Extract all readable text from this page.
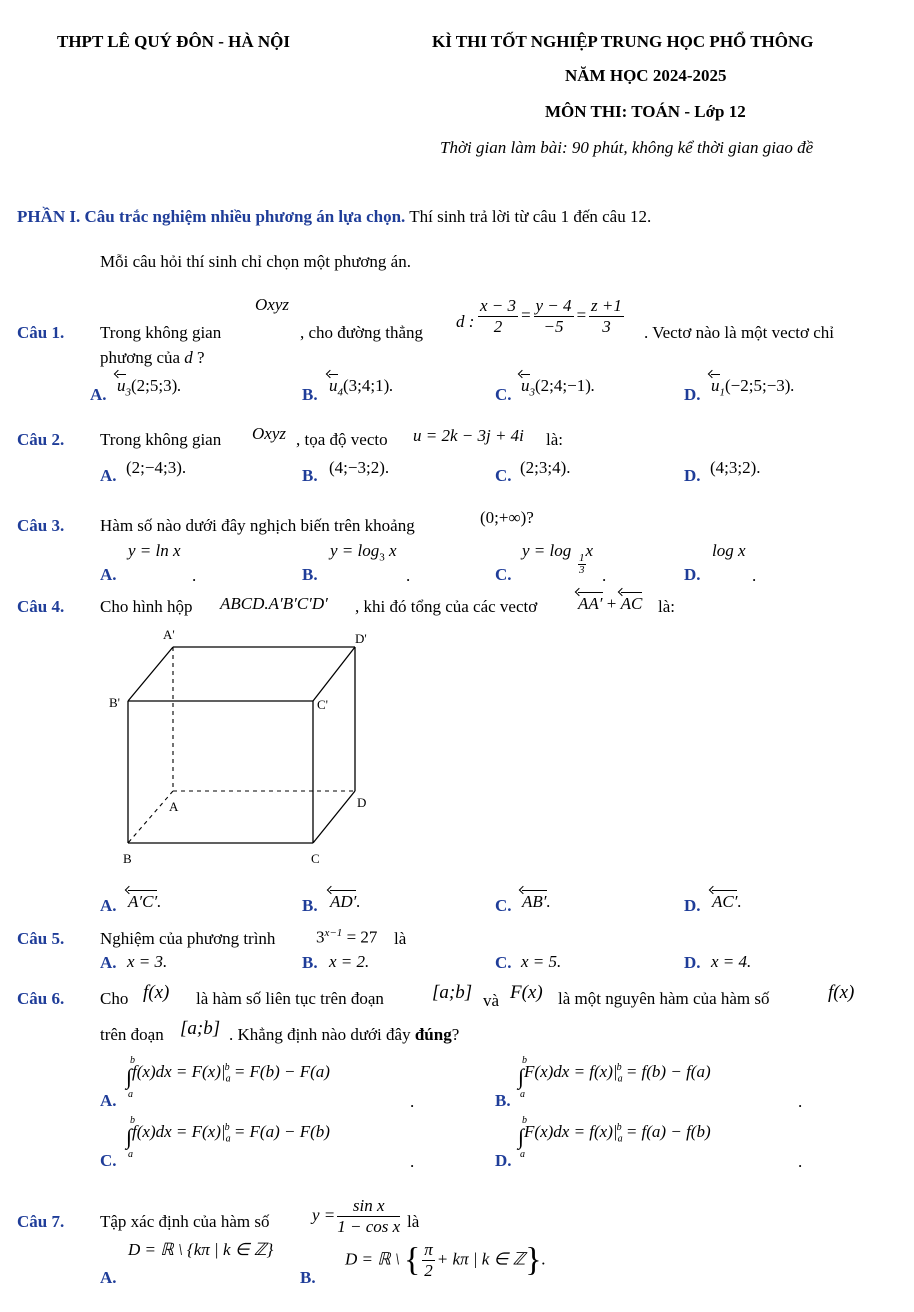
THPT LÊ QUÝ ĐÔN - HÀ NỘI	KÌ THI TỐT NGHIỆP TRUNG HỌC PHỔ THÔNG
NĂM HỌC 2024-2025
MÔN THI: TOÁN - Lớp 12
Thời gian làm bài: 90 phút, không kể thời gian giao đề
PHẦN I. Câu trắc nghiệm nhiều phương án lựa chọn. Thí sinh trả lời từ câu 1 đến câu 12.
Mỗi câu hỏi thí sinh chỉ chọn một phương án.
Câu 1. Trong không gian
Oxyz
, cho đường thẳng
d : $\frac{x - 3}{2} = \frac{y - 4}{-5} = \frac{z +1}{3}$ . Vectơ nào là một vectơ chỉ
phương của d ?
A. $u_3(2;5;3)$.	B. $u_4(3;4;1)$.	C. $u_3(2;4;-1)$.	D. $u_1(-2;5;-3)$.
Câu 2. Trong không gian Oxyz , tọa độ vecto u = 2k − 3j + 4i là:
A. (2;−4;3).	B. (4;−3;2).	C. (2;3;4).	D. (4;3;2).
Câu 3. Hàm số nào dưới đây nghịch biến trên khoảng	(0;+∞)?
y = ln x
A.	.
$y = \log_3 x$
B.	.
y = log x
1
3
C.	.
log x
D.	.
Câu 4. Cho hình hộp ABCD.A′B′C′D′ , khi đó tổng của các vectơ AA′ + AC là:
A'	D'
B'	C'
A	D
B	C
A. A′C′.	B. AD′.	C. AB′.	D. AC′.
Câu 5. Nghiệm của phương trình $3^{x-1} = 27$ là
A. x = 3.	B. x = 2.	C. x = 5.	D. x = 4.
Câu 6. Cho f(x) là hàm số liên tục trên đoạn	[a;b] và F(x) là một nguyên hàm của hàm số	f(x)
trên đoạn [a;b] . Khẳng định nào dưới đây đúng?
A.
∫
b
a
$f(x)dx = F(x)|_a^b = F(b) - F(a)$
.	B.
∫
b
a
$F(x)dx = f(x)|_a^b = f(b) - f(a)$
.
C.
∫
b
a
$f(x)dx = F(x)|_a^b = F(a) - F(b)$
.	D.
∫
b
a
$F(x)dx = f(x)|_a^b = f(a) - f(b)$
.
Câu 7. Tập xác định của hàm số	$y = \frac{\text{sin x}}{\text{1 − cos x}}$ là
D = ℝ \ {kπ | k ∈ ℤ}
A.	B.
D = ℝ \ { $\frac{\pi}{2} + k\pi$ | k ∈ ℤ}.
